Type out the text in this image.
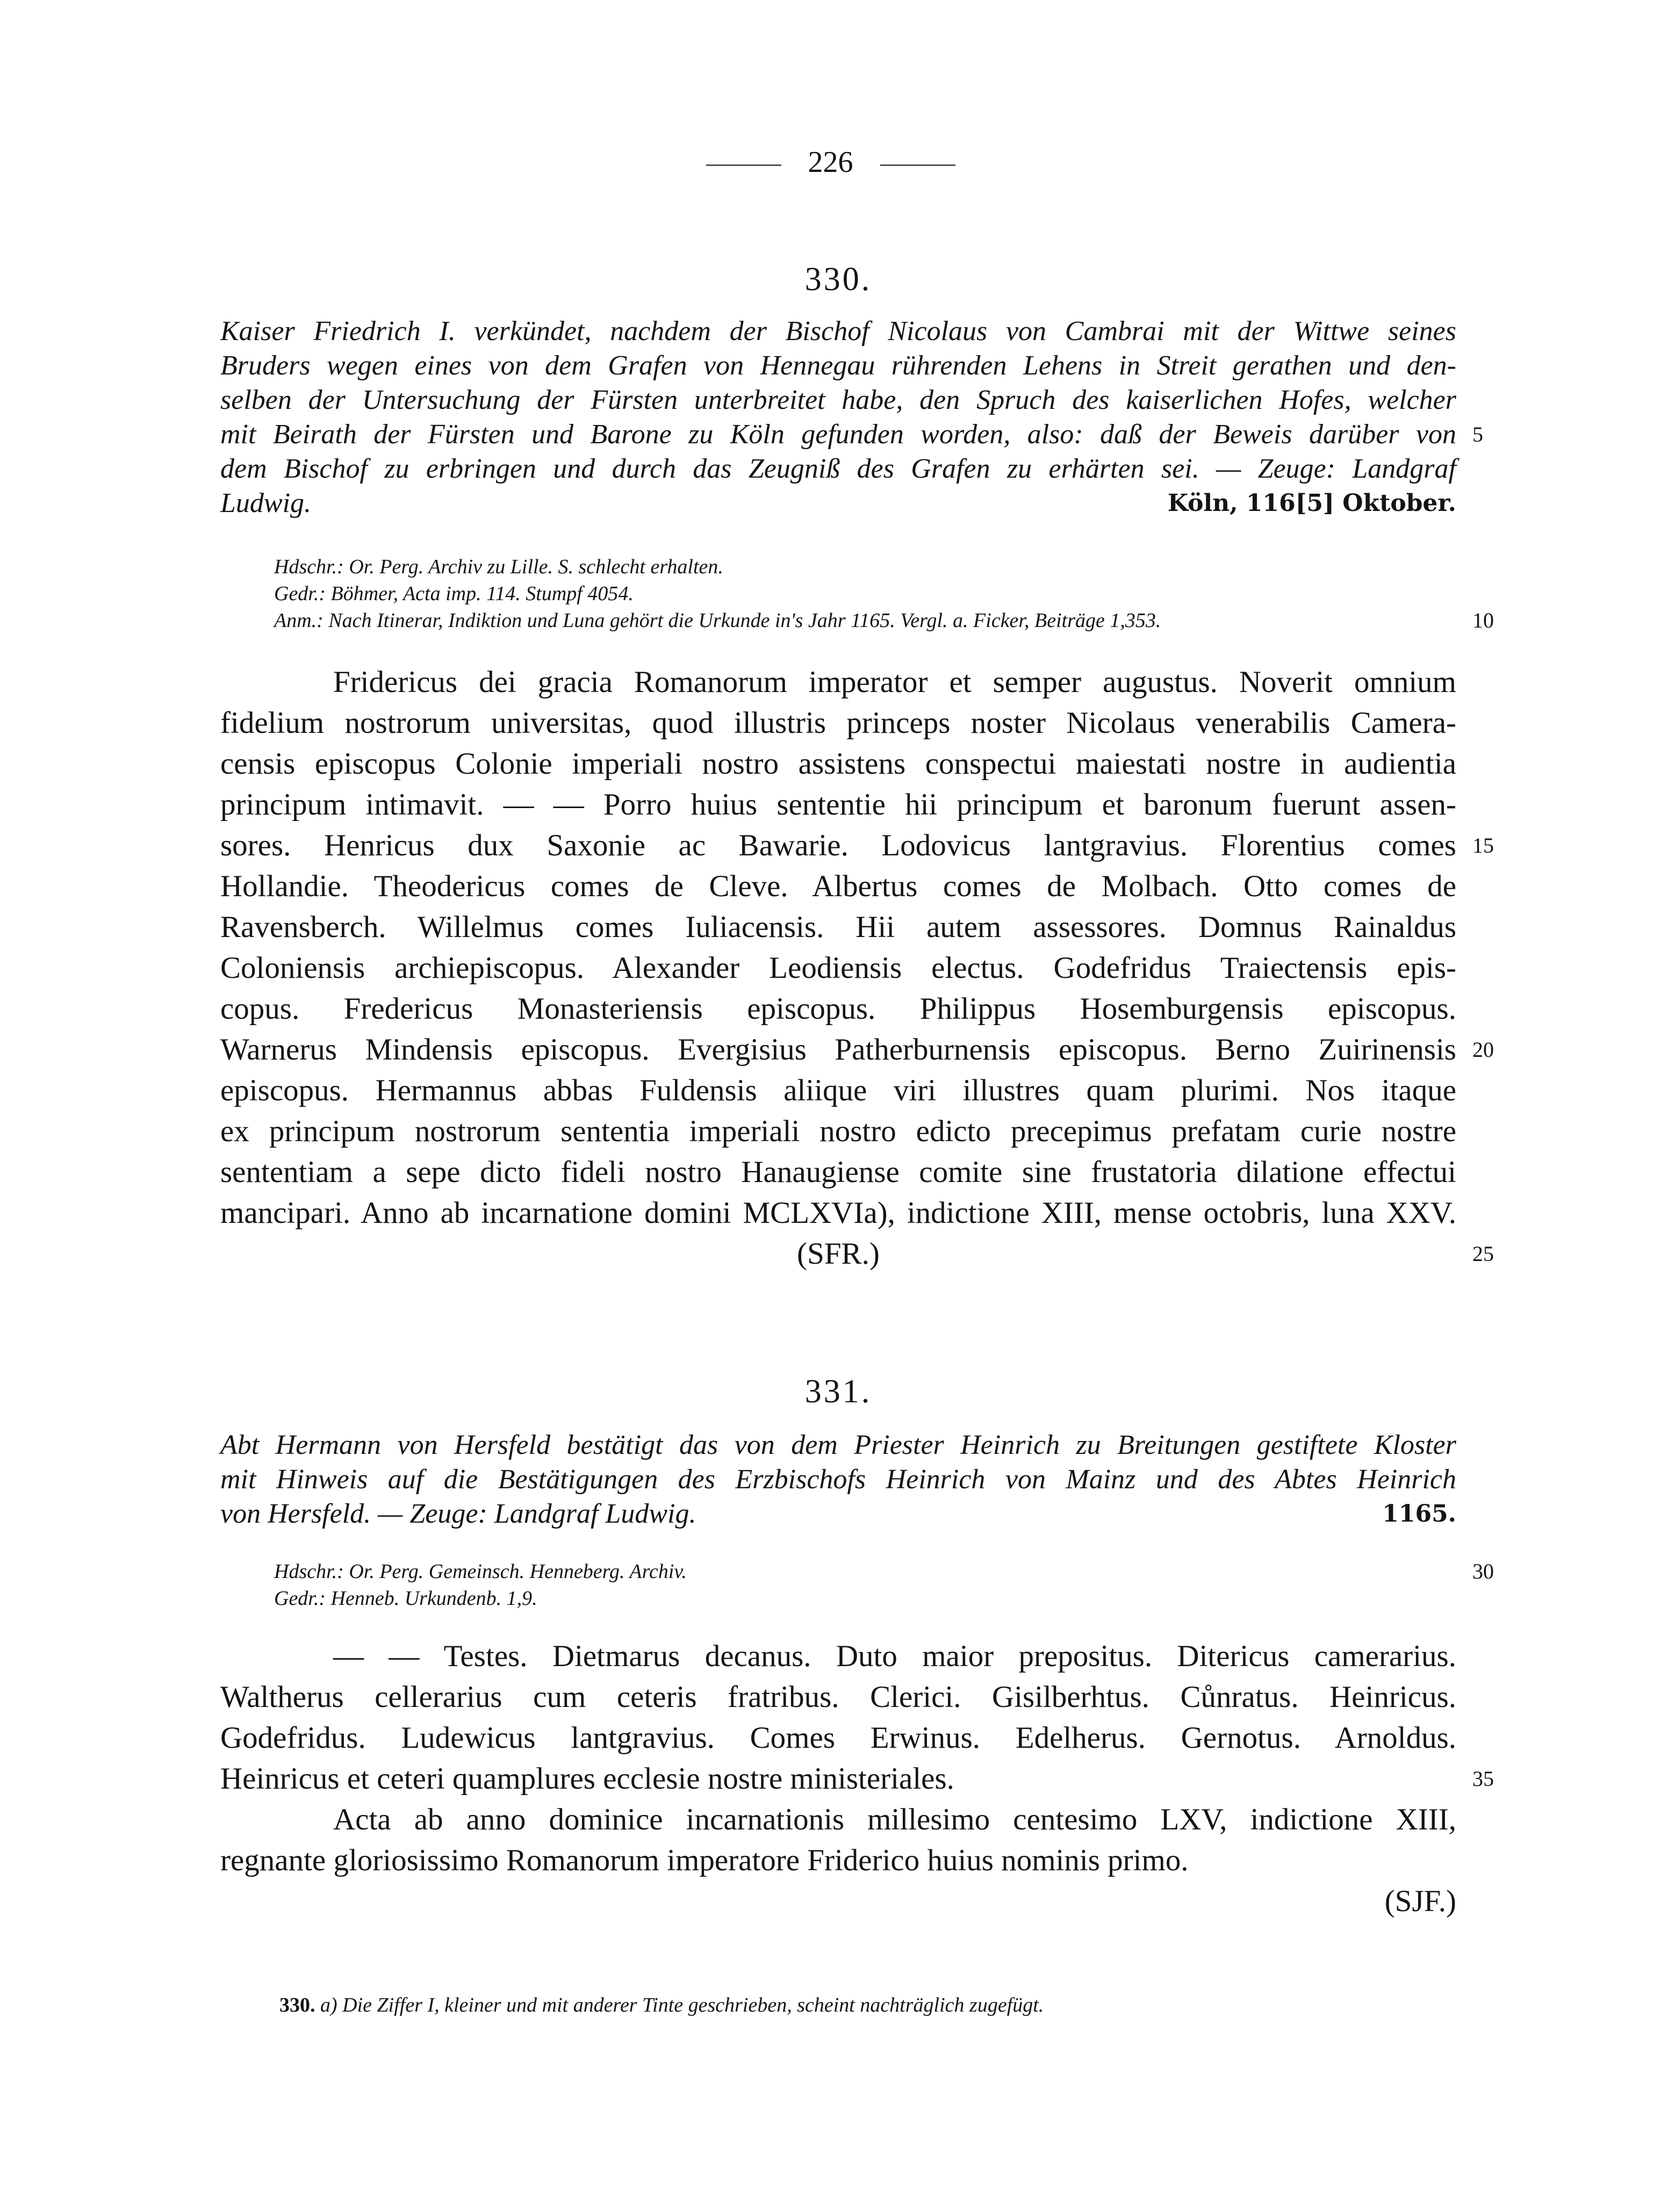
226
330.
Kaiser Friedrich I. verkündet, nachdem der Bischof Nicolaus von Cambrai mit der Wittwe seines
Bruders wegen eines von dem Grafen von Hennegau rührenden Lehens in Streit gerathen und den-
selben der Untersuchung der Fürsten unterbreitet habe, den Spruch des kaiserlichen Hofes, welcher
mit Beirath der Fürsten und Barone zu Köln gefunden worden, also: daß der Beweis darüber von 5
dem Bischof zu erbringen und durch das Zeugniß des Grafen zu erhärten sei. — Zeuge: Landgraf
Ludwig.	Köln, 116[5] Oktober.
Hdschr.: Or. Perg. Archiv zu Lille. S. schlecht erhalten.
Gedr.: Böhmer, Acta imp. 114. Stumpf 4054.
Anm.: Nach Itinerar, Indiktion und Luna gehört die Urkunde in's Jahr 1165. Vergl. a. Ficker, Beiträge 1,353.	10
Fridericus dei gracia Romanorum imperator et semper augustus. Noverit omnium
fidelium nostrorum universitas, quod illustris princeps noster Nicolaus venerabilis Camera-
censis episcopus Colonie imperiali nostro assistens conspectui maiestati nostre in audientia
principum intimavit. — — Porro huius sententie hii principum et baronum fuerunt assen-
sores. Henricus dux Saxonie ac Bawarie. Lodovicus lantgravius. Florentius comes 15
Hollandie. Theodericus comes de Cleve. Albertus comes de Molbach. Otto comes de
Ravensberch. Willelmus comes Iuliacensis. Hii autem assessores. Domnus Rainaldus
Coloniensis archiepiscopus. Alexander Leodiensis electus. Godefridus Traiectensis epis-
copus. Fredericus Monasteriensis episcopus. Philippus Hosemburgensis episcopus.
Warnerus Mindensis episcopus. Evergisius Patherburnensis episcopus. Berno Zuirinensis 20
episcopus. Hermannus abbas Fuldensis aliique viri illustres quam plurimi. Nos itaque
ex principum nostrorum sententia imperiali nostro edicto precepimus prefatam curie nostre
sententiam a sepe dicto fideli nostro Hanaugiense comite sine frustatoria dilatione effectui
mancipari. Anno ab incarnatione domini MCLXVIa), indictione XIII, mense octobris, luna XXV.
(SFR.)	25
331.
Abt Hermann von Hersfeld bestätigt das von dem Priester Heinrich zu Breitungen gestiftete Kloster
mit Hinweis auf die Bestätigungen des Erzbischofs Heinrich von Mainz und des Abtes Heinrich
von Hersfeld. — Zeuge: Landgraf Ludwig.	1165.
Hdschr.: Or. Perg. Gemeinsch. Henneberg. Archiv.	30
Gedr.: Henneb. Urkundenb. 1,9.
— — Testes. Dietmarus decanus. Duto maior prepositus. Ditericus camerarius.
Waltherus cellerarius cum ceteris fratribus. Clerici. Gisilberhtus. Cůnratus. Heinricus.
Godefridus. Ludewicus lantgravius. Comes Erwinus. Edelherus. Gernotus. Arnoldus.
Heinricus et ceteri quamplures ecclesie nostre ministeriales.	35
Acta ab anno dominice incarnationis millesimo centesimo LXV, indictione XIII,
regnante gloriosissimo Romanorum imperatore Friderico huius nominis primo.
(SJF.)
330. a) Die Ziffer I, kleiner und mit anderer Tinte geschrieben, scheint nachträglich zugefügt.
